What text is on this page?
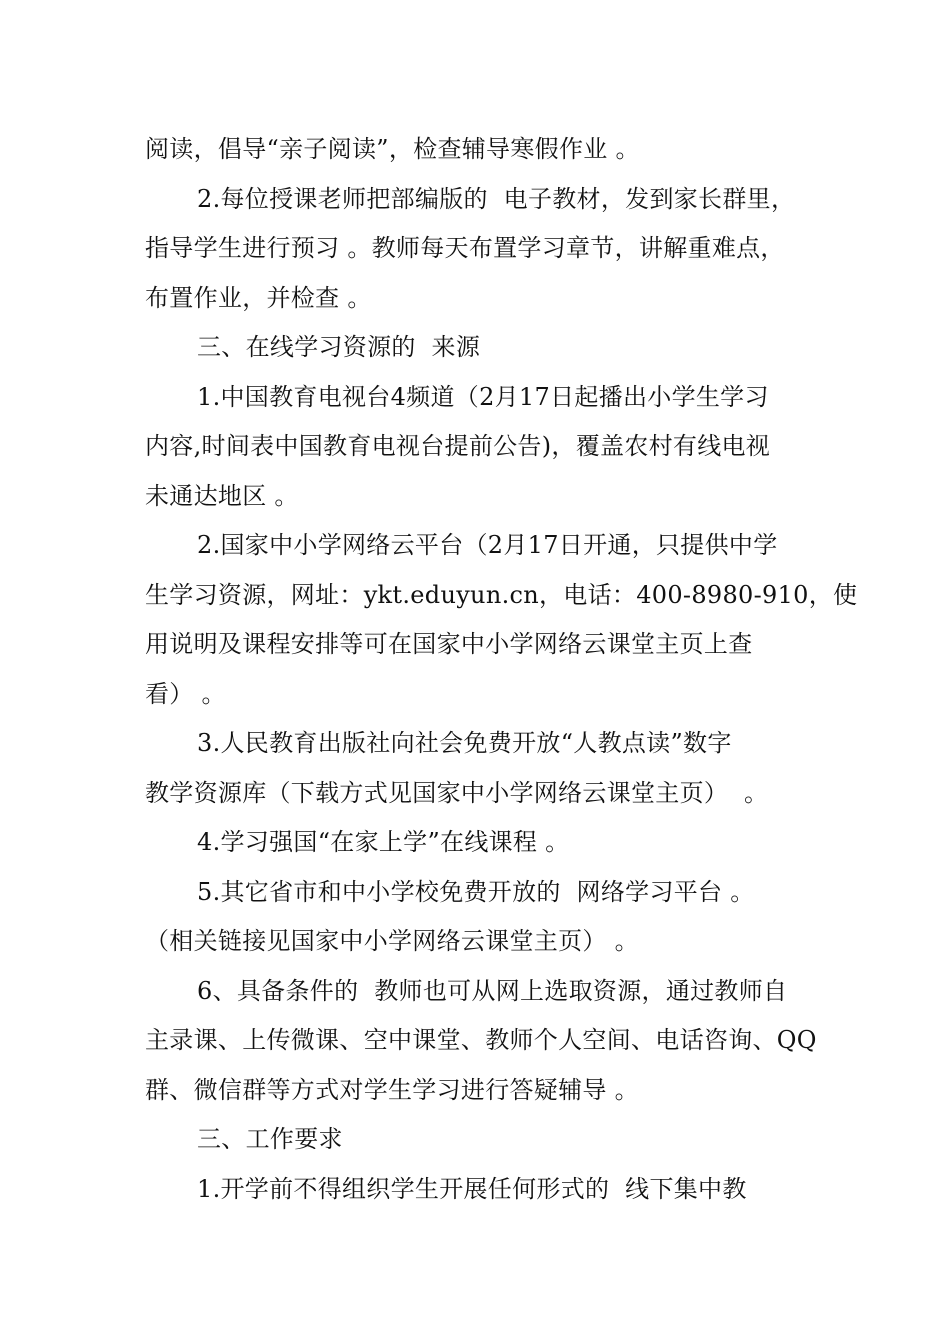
阅读，倡导“亲子阅读”，检查辅导寒假作业 。
2.每位授课老师把部编版的  电子教材，发到家长群里，
指导学生进行预习 。教师每天布置学习章节，讲解重难点，
布置作业，并检查 。
三、在线学习资源的  来源
1.中国教育电视台4频道（2月17日起播出小学生学习
内容,时间表中国教育电视台提前公告)，覆盖农村有线电视
未通达地区 。
2.国家中小学网络云平台（2月17日开通，只提供中学
生学习资源，网址：ykt.eduyun.cn，电话：400-8980-910，使
用说明及课程安排等可在国家中小学网络云课堂主页上查
看） 。
3.人民教育出版社向社会免费开放“人教点读”数字
教学资源库（下载方式见国家中小学网络云课堂主页）  。
4.学习强国“在家上学”在线课程 。
5.其它省市和中小学校免费开放的  网络学习平台 。
（相关链接见国家中小学网络云课堂主页） 。
6、具备条件的  教师也可从网上选取资源，通过教师自
主录课、上传微课、空中课堂、教师个人空间、电话咨询、QQ
群、微信群等方式对学生学习进行答疑辅导 。
三、工作要求
1.开学前不得组织学生开展任何形式的  线下集中教
